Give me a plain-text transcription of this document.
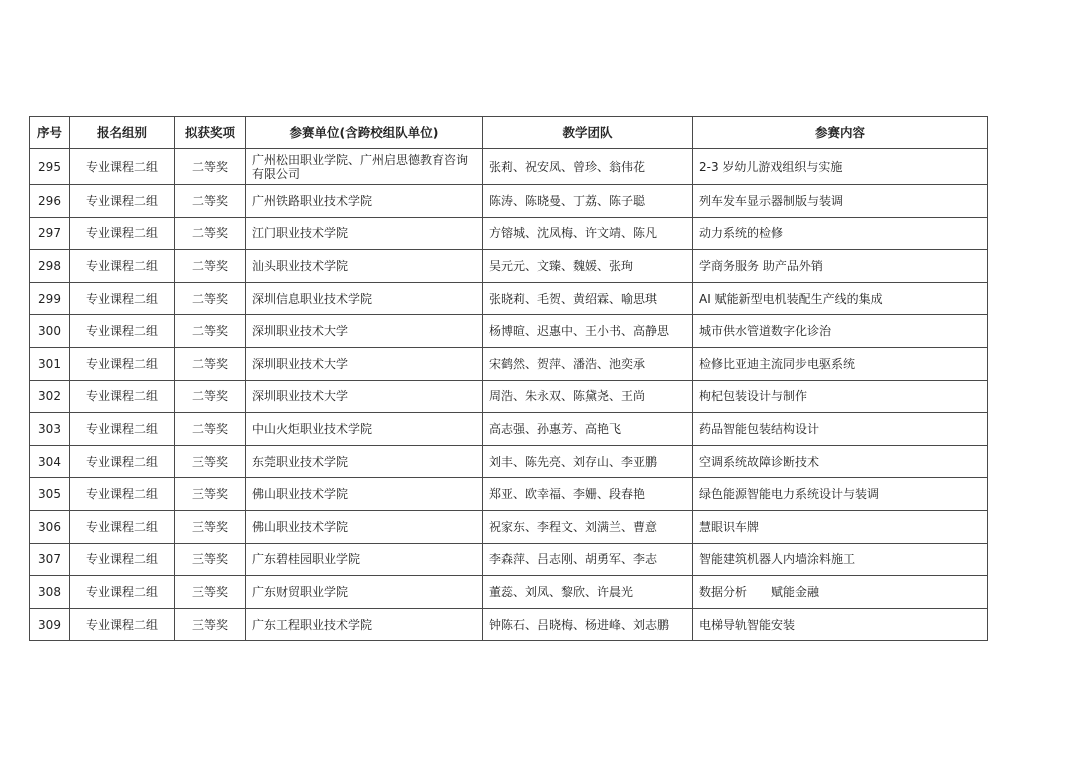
序号	报名组别	拟获奖项	参赛单位(含跨校组队单位)	教学团队	参赛内容
295	专业课程二组	二等奖	广州松田职业学院、广州启思德教育咨询有限公司	张莉、祝安凤、曾珍、翁伟花	2-3 岁幼儿游戏组织与实施
296	专业课程二组	二等奖	广州铁路职业技术学院	陈涛、陈晓曼、丁荔、陈子聪	列车发车显示器制版与装调
297	专业课程二组	二等奖	江门职业技术学院	方镕城、沈凤梅、许文靖、陈凡	动力系统的检修
298	专业课程二组	二等奖	汕头职业技术学院	吴元元、文臻、魏媛、张珣	学商务服务 助产品外销
299	专业课程二组	二等奖	深圳信息职业技术学院	张晓莉、毛贺、黄绍霖、喻思琪	AI 赋能新型电机装配生产线的集成
300	专业课程二组	二等奖	深圳职业技术大学	杨博暄、迟惠中、王小书、高静思	城市供水管道数字化诊治
301	专业课程二组	二等奖	深圳职业技术大学	宋鹤然、贺萍、潘浩、池奕承	检修比亚迪主流同步电驱系统
302	专业课程二组	二等奖	深圳职业技术大学	周浩、朱永双、陈黛尧、王尚	枸杞包装设计与制作
303	专业课程二组	二等奖	中山火炬职业技术学院	高志强、孙惠芳、高艳飞	药品智能包装结构设计
304	专业课程二组	三等奖	东莞职业技术学院	刘丰、陈先亮、刘存山、李亚鹏	空调系统故障诊断技术
305	专业课程二组	三等奖	佛山职业技术学院	郑亚、欧幸福、李姗、段春艳	绿色能源智能电力系统设计与装调
306	专业课程二组	三等奖	佛山职业技术学院	祝家东、李程文、刘满兰、曹意	慧眼识车牌
307	专业课程二组	三等奖	广东碧桂园职业学院	李森萍、吕志刚、胡勇军、李志	智能建筑机器人内墙涂料施工
308	专业课程二组	三等奖	广东财贸职业学院	董蕊、刘凤、黎欣、许晨光	数据分析　　赋能金融
309	专业课程二组	三等奖	广东工程职业技术学院	钟陈石、吕晓梅、杨进峰、刘志鹏	电梯导轨智能安装
